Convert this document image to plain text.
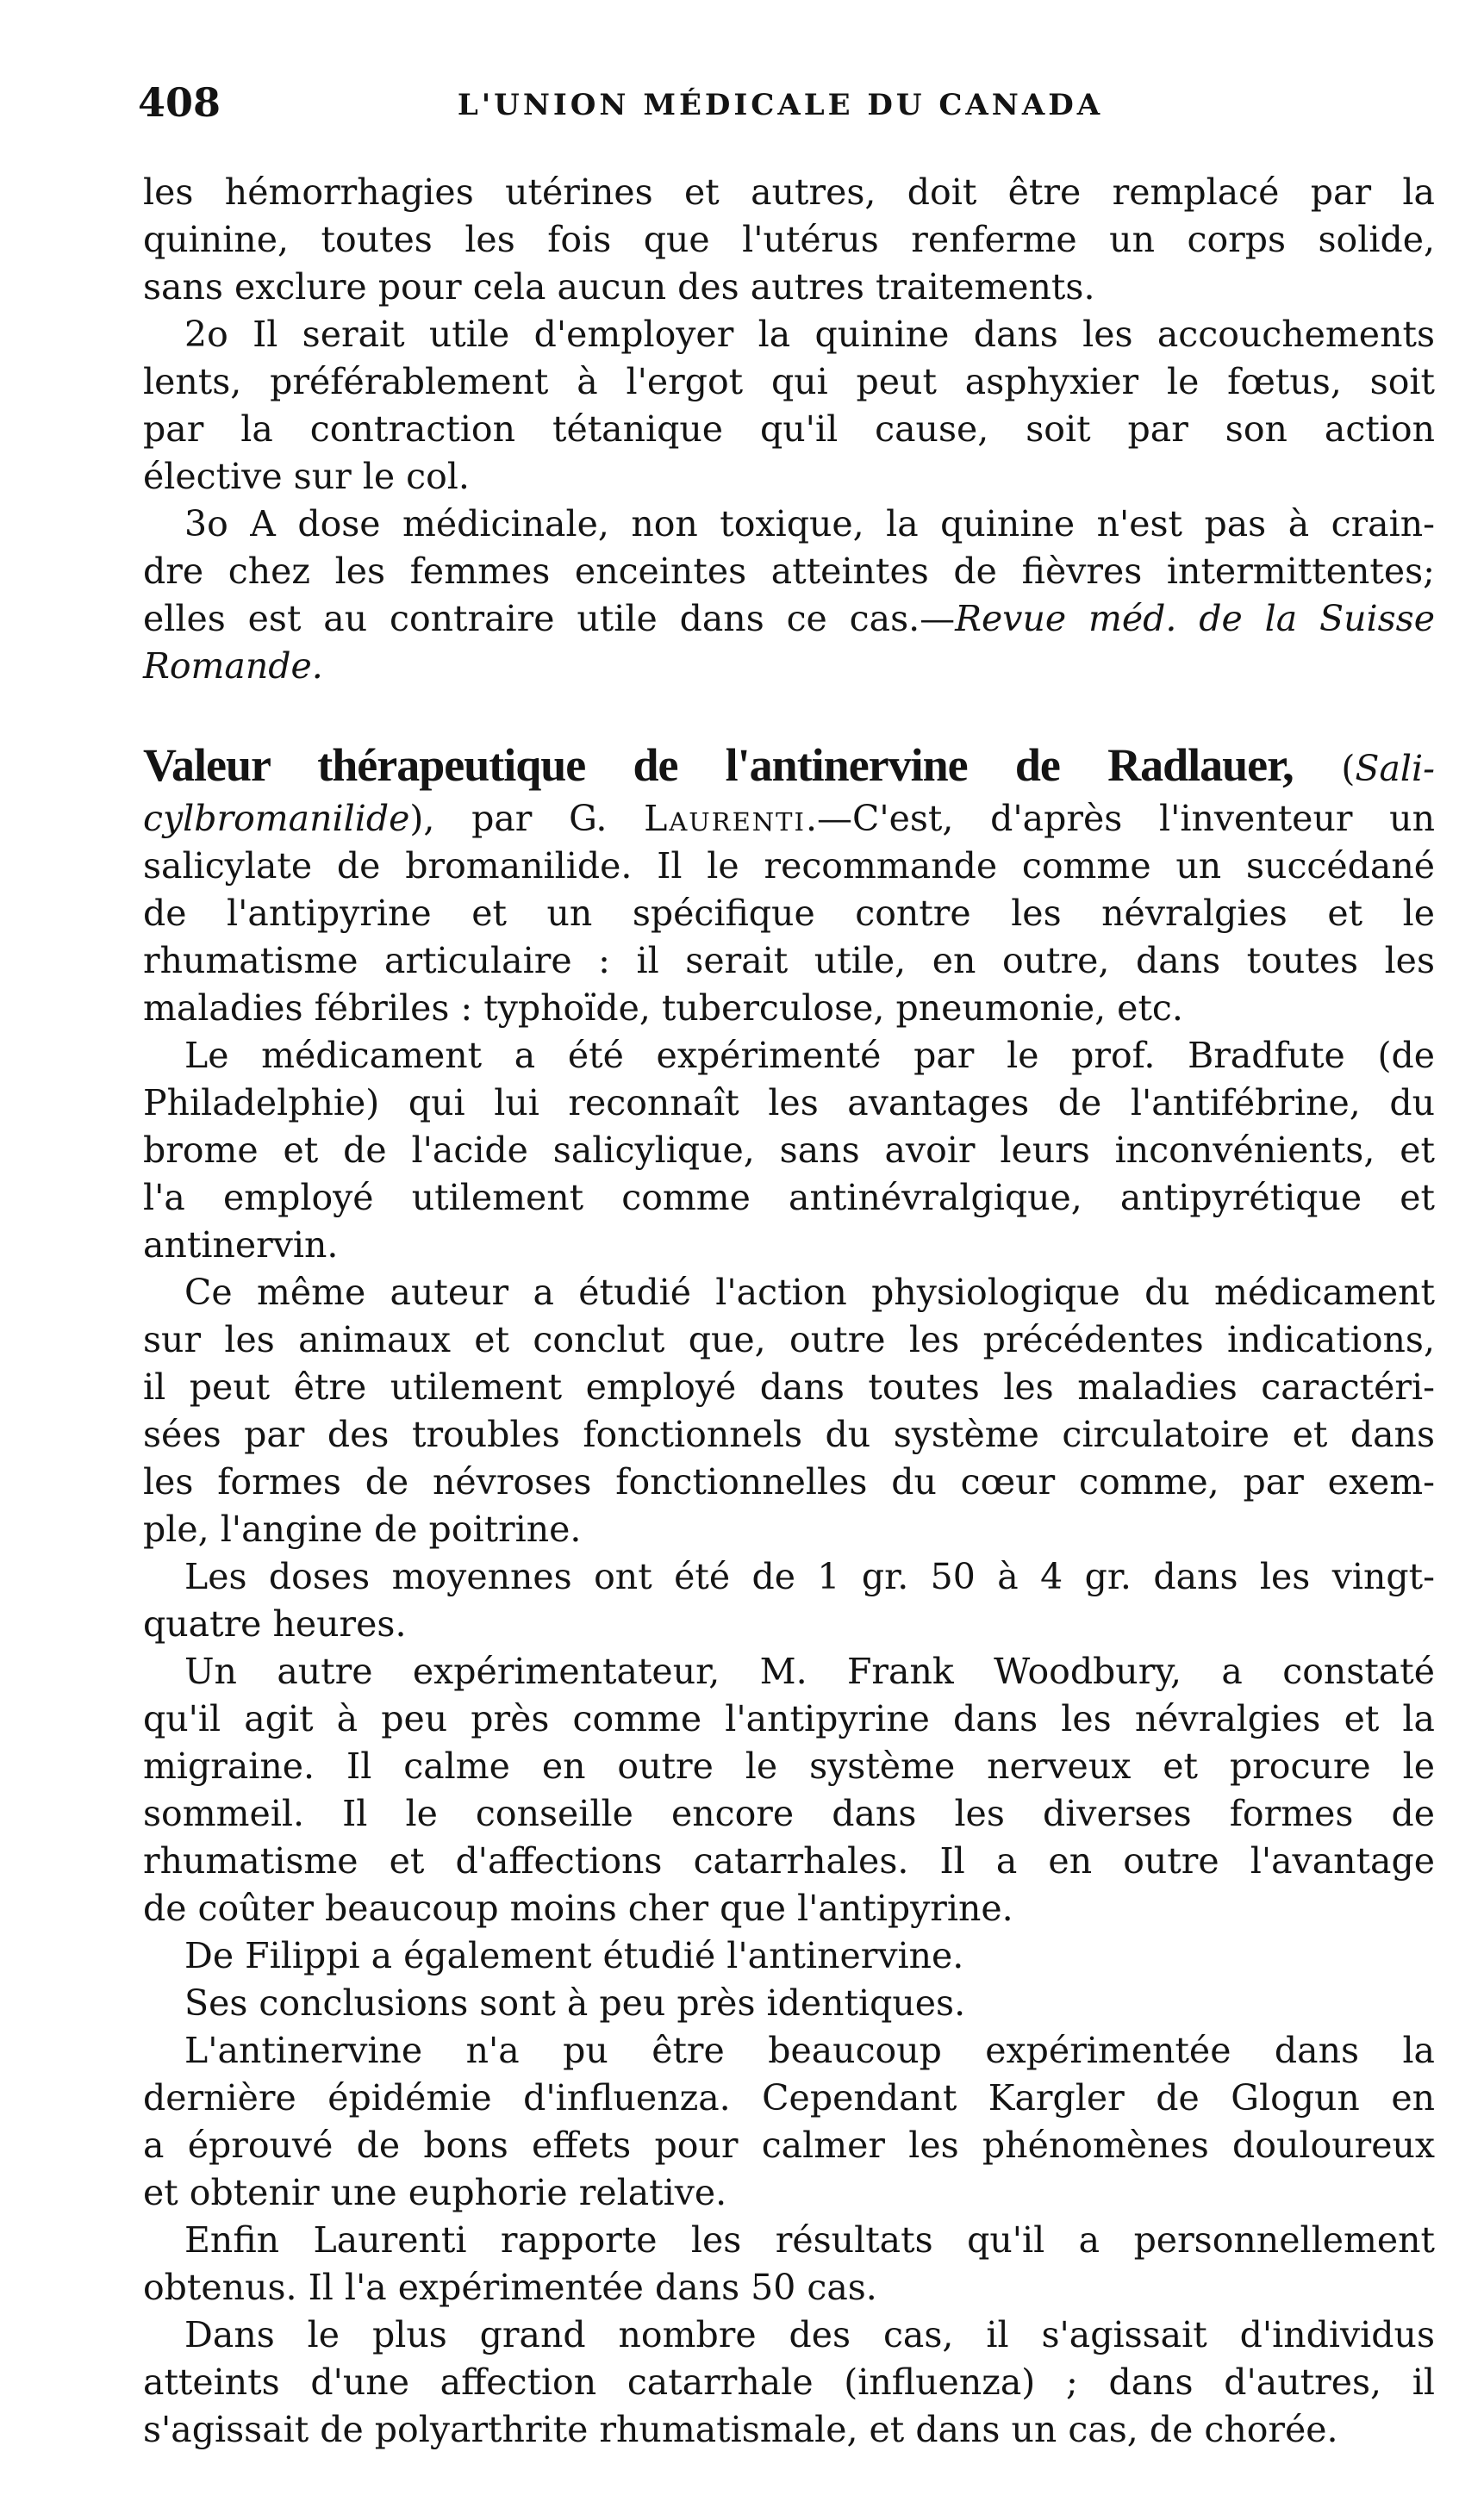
408	L'UNION MÉDICALE DU CANADA
les hémorrhagies utérines et autres, doit être remplacé par la
quinine, toutes les fois que l'utérus renferme un corps solide,
sans exclure pour cela aucun des autres traitements.
2o Il serait utile d'employer la quinine dans les accouchements
lents, préférablement à l'ergot qui peut asphyxier le fœtus, soit
par la contraction tétanique qu'il cause, soit par son action
élective sur le col.
3o A dose médicinale, non toxique, la quinine n'est pas à crain-
dre chez les femmes enceintes atteintes de fièvres intermittentes;
elles est au contraire utile dans ce cas.—Revue méd. de la Suisse
Romande.
Valeur thérapeutique de l'antinervine de Radlauer, (Sali-
cylbromanilide), par G. Laurenti.—C'est, d'après l'inventeur un
salicylate de bromanilide. Il le recommande comme un succédané
de l'antipyrine et un spécifique contre les névralgies et le
rhumatisme articulaire : il serait utile, en outre, dans toutes les
maladies fébriles : typhoïde, tuberculose, pneumonie, etc.
Le médicament a été expérimenté par le prof. Bradfute (de
Philadelphie) qui lui reconnaît les avantages de l'antifébrine, du
brome et de l'acide salicylique, sans avoir leurs inconvénients, et
l'a employé utilement comme antinévralgique, antipyrétique et
antinervin.
Ce même auteur a étudié l'action physiologique du médicament
sur les animaux et conclut que, outre les précédentes indications,
il peut être utilement employé dans toutes les maladies caractéri-
sées par des troubles fonctionnels du système circulatoire et dans
les formes de névroses fonctionnelles du cœur comme, par exem-
ple, l'angine de poitrine.
Les doses moyennes ont été de 1 gr. 50 à 4 gr. dans les vingt-
quatre heures.
Un autre expérimentateur, M. Frank Woodbury, a constaté
qu'il agit à peu près comme l'antipyrine dans les névralgies et la
migraine. Il calme en outre le système nerveux et procure le
sommeil. Il le conseille encore dans les diverses formes de
rhumatisme et d'affections catarrhales. Il a en outre l'avantage
de coûter beaucoup moins cher que l'antipyrine.
De Filippi a également étudié l'antinervine.
Ses conclusions sont à peu près identiques.
L'antinervine n'a pu être beaucoup expérimentée dans la
dernière épidémie d'influenza. Cependant Kargler de Glogun en
a éprouvé de bons effets pour calmer les phénomènes douloureux
et obtenir une euphorie relative.
Enfin Laurenti rapporte les résultats qu'il a personnellement
obtenus. Il l'a expérimentée dans 50 cas.
Dans le plus grand nombre des cas, il s'agissait d'individus
atteints d'une affection catarrhale (influenza) ; dans d'autres, il
s'agissait de polyarthrite rhumatismale, et dans un cas, de chorée.
